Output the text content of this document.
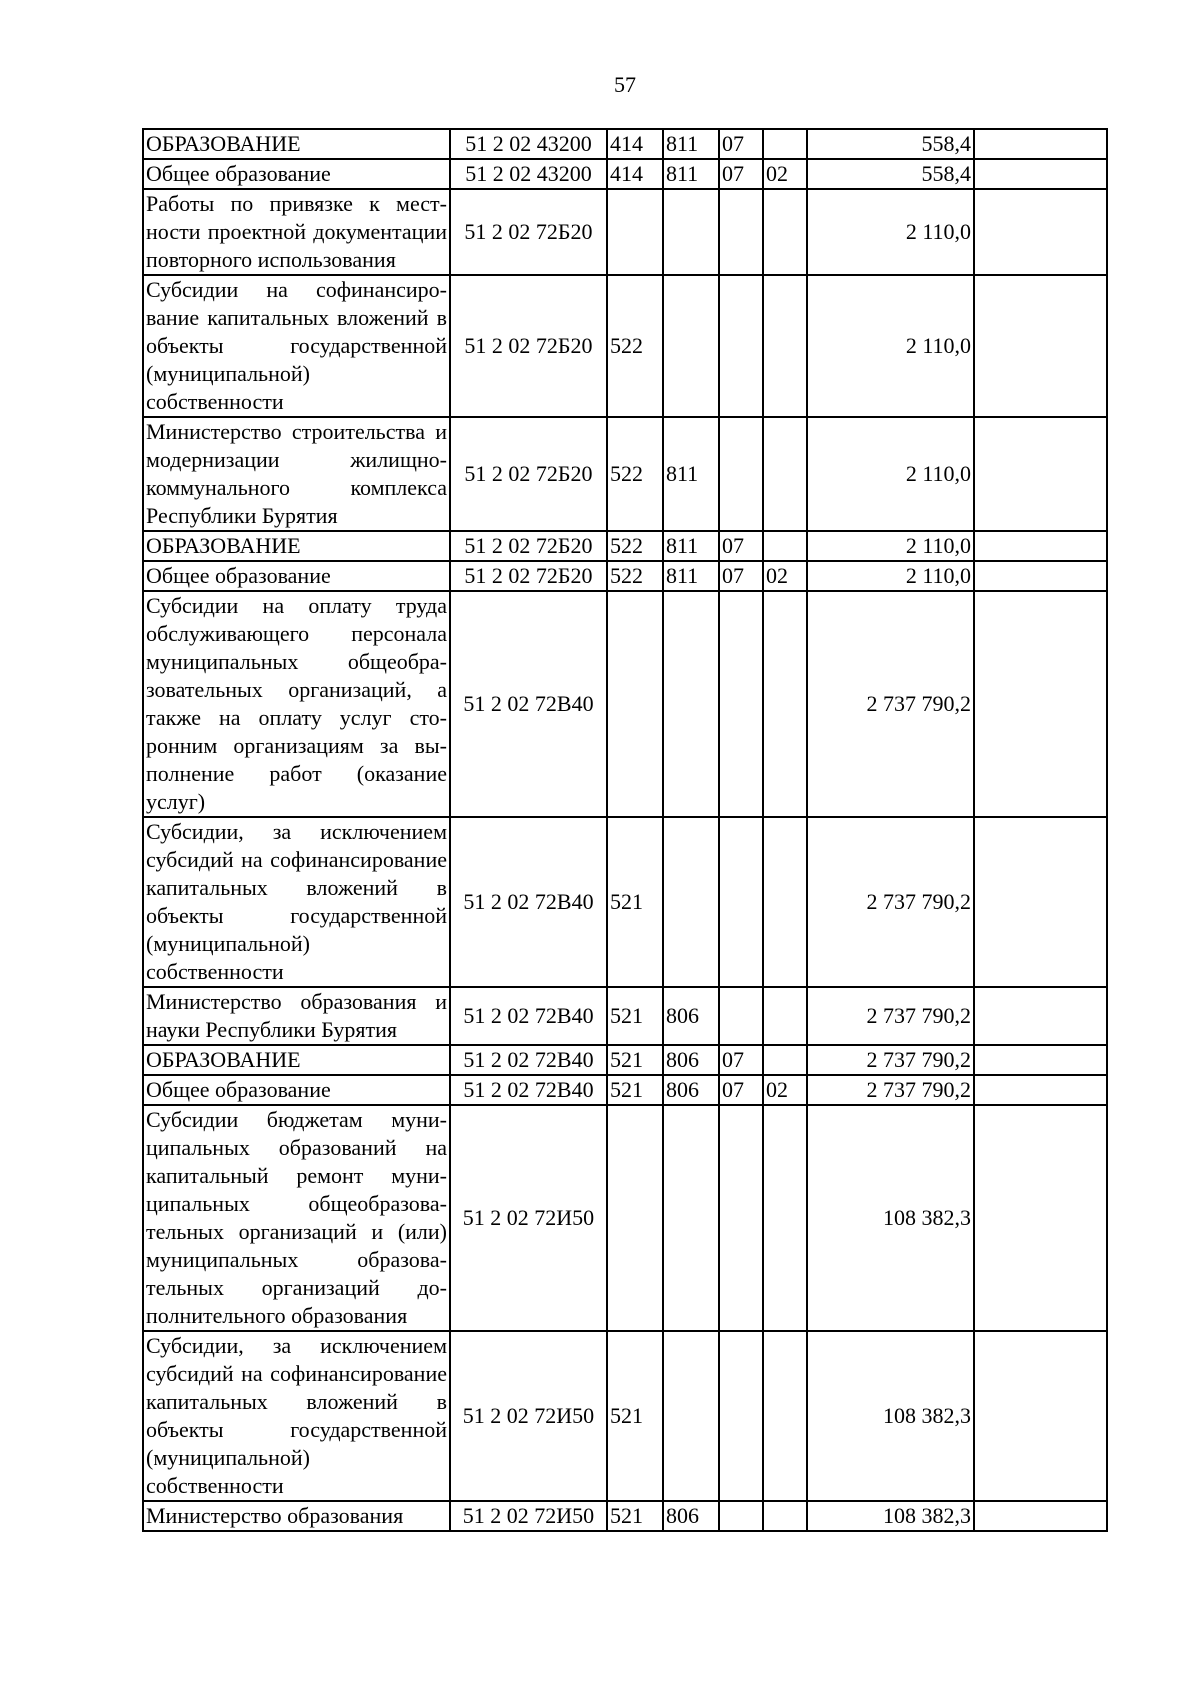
57
ОБРАЗОВАНИЕ	51 2 02 43200	414	811	07		558,4	
Общее образование	51 2 02 43200	414	811	07	02	558,4	
Работы по привязке к местности проектной документации повторного использования	51 2 02 72Б20					2 110,0	
Субсидии на софинансирование капитальных вложений в объекты государственной (муниципальной) собственности	51 2 02 72Б20	522				2 110,0	
Министерство строительства и модернизации жилищно-коммунального комплекса Республики Бурятия	51 2 02 72Б20	522	811			2 110,0	
ОБРАЗОВАНИЕ	51 2 02 72Б20	522	811	07		2 110,0	
Общее образование	51 2 02 72Б20	522	811	07	02	2 110,0	
Субсидии на оплату труда обслуживающего персонала муниципальных общеобразовательных организаций, а также на оплату услуг сторонним организациям за выполнение работ (оказание услуг)	51 2 02 72В40					2 737 790,2	
Субсидии, за исключением субсидий на софинансирование капитальных вложений в объекты государственной (муниципальной) собственности	51 2 02 72В40	521				2 737 790,2	
Министерство образования и науки Республики Бурятия	51 2 02 72В40	521	806			2 737 790,2	
ОБРАЗОВАНИЕ	51 2 02 72В40	521	806	07		2 737 790,2	
Общее образование	51 2 02 72В40	521	806	07	02	2 737 790,2	
Субсидии бюджетам муниципальных образований на капитальный ремонт муниципальных общеобразовательных организаций и (или) муниципальных образовательных организаций дополнительного образования	51 2 02 72И50					108 382,3	
Субсидии, за исключением субсидий на софинансирование капитальных вложений в объекты государственной (муниципальной) собственности	51 2 02 72И50	521				108 382,3	
Министерство образования	51 2 02 72И50	521	806			108 382,3	
